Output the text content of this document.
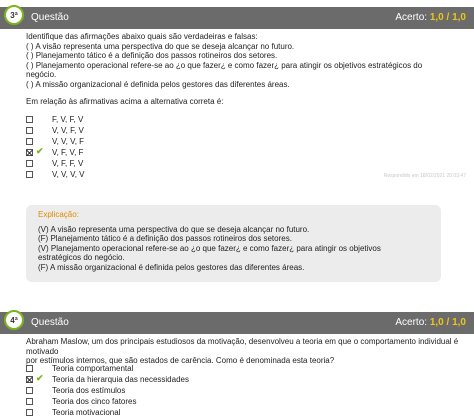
3ª	Questão	Acerto: 1,0 / 1,0

Identifique das afirmações abaixo quais são verdadeiras e falsas:

( ) A visão representa uma perspectiva do que se deseja alcançar no futuro.

( ) Planejamento tático é a definição dos passos rotineiros dos setores.

( ) Planejamento operacional refere-se ao ¿o que fazer¿ e como fazer¿ para atingir os objetivos estratégicos do

negócio.

( ) A missão organizacional é definida pelos gestores das diferentes áreas.

Em relação às afirmativas acima a alternativa correta é:
F, V, F, V
V, V, F, V
V, V, V, F
✔ V, F, V, F
V, F, F, V
V, V, V, V	Respondido em 18/02/2021 20:03:47
Explicação:

(V) A visão representa uma perspectiva do que se deseja alcançar no futuro.

(F) Planejamento tático é a definição dos passos rotineiros dos setores.

(V) Planejamento operacional refere-se ao ¿o que fazer¿ e como fazer¿ para atingir os objetivos

estratégicos do negócio.

(F) A missão organizacional é definida pelos gestores das diferentes áreas.

4ª	Questão	Acerto: 1,0 / 1,0

Abraham Maslow, um dos principais estudiosos da motivação, desenvolveu a teoria em que o comportamento individual é motivado

por estímulos internos, que são estados de carência. Como é denominada esta teoria?

Teoria comportamental
✔ Teoria da hierarquia das necessidades
Teoria dos estímulos
Teoria dos cinco fatores
Teoria motivacional
